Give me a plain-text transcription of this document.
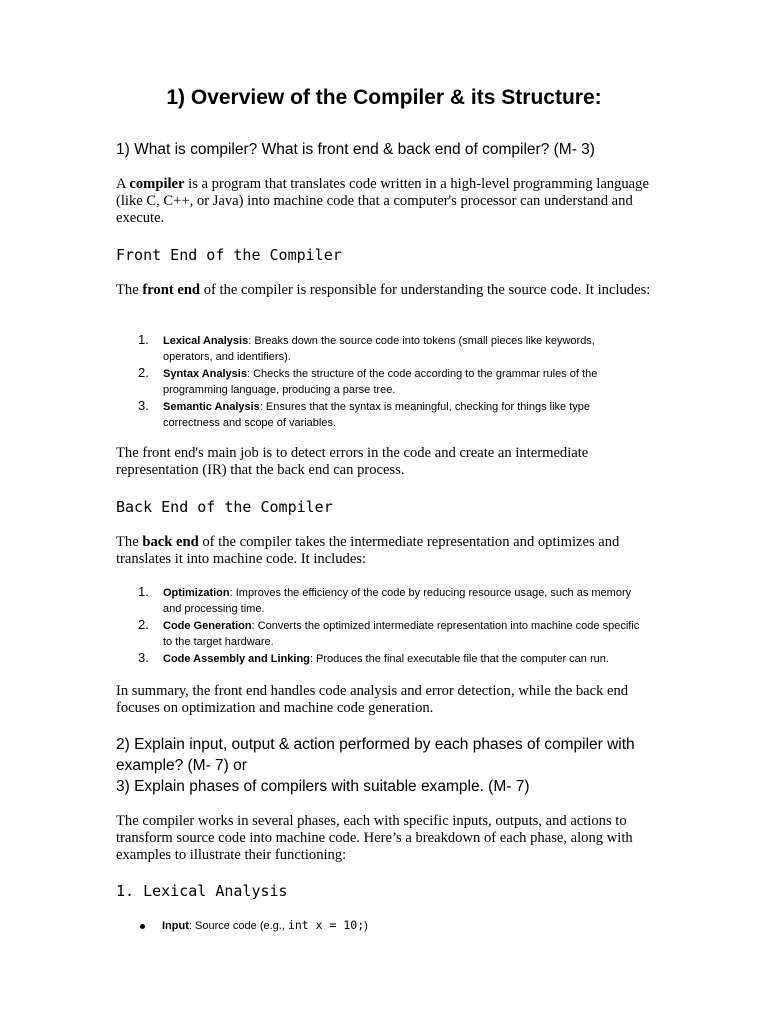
1) Overview of the Compiler & its Structure:

1) What is compiler? What is front end & back end of compiler? (M- 3)

A compiler is a program that translates code written in a high-level programming language (like C, C++, or Java) into machine code that a computer's processor can understand and execute.

Front End of the Compiler

The front end of the compiler is responsible for understanding the source code. It includes:

1.	Lexical Analysis: Breaks down the source code into tokens (small pieces like keywords, operators, and identifiers).
2.	Syntax Analysis: Checks the structure of the code according to the grammar rules of the programming language, producing a parse tree.
3.	Semantic Analysis: Ensures that the syntax is meaningful, checking for things like type correctness and scope of variables.

The front end's main job is to detect errors in the code and create an intermediate representation (IR) that the back end can process.

Back End of the Compiler

The back end of the compiler takes the intermediate representation and optimizes and translates it into machine code. It includes:

1.	Optimization: Improves the efficiency of the code by reducing resource usage, such as memory and processing time.
2.	Code Generation: Converts the optimized intermediate representation into machine code specific to the target hardware.
3.	Code Assembly and Linking: Produces the final executable file that the computer can run.

In summary, the front end handles code analysis and error detection, while the back end focuses on optimization and machine code generation.

2) Explain input, output & action performed by each phases of compiler with example? (M- 7) or

3) Explain phases of compilers with suitable example. (M- 7)

The compiler works in several phases, each with specific inputs, outputs, and actions to transform source code into machine code. Here’s a breakdown of each phase, along with examples to illustrate their functioning:

1. Lexical Analysis
Input: Source code (e.g., int x = 10;)
